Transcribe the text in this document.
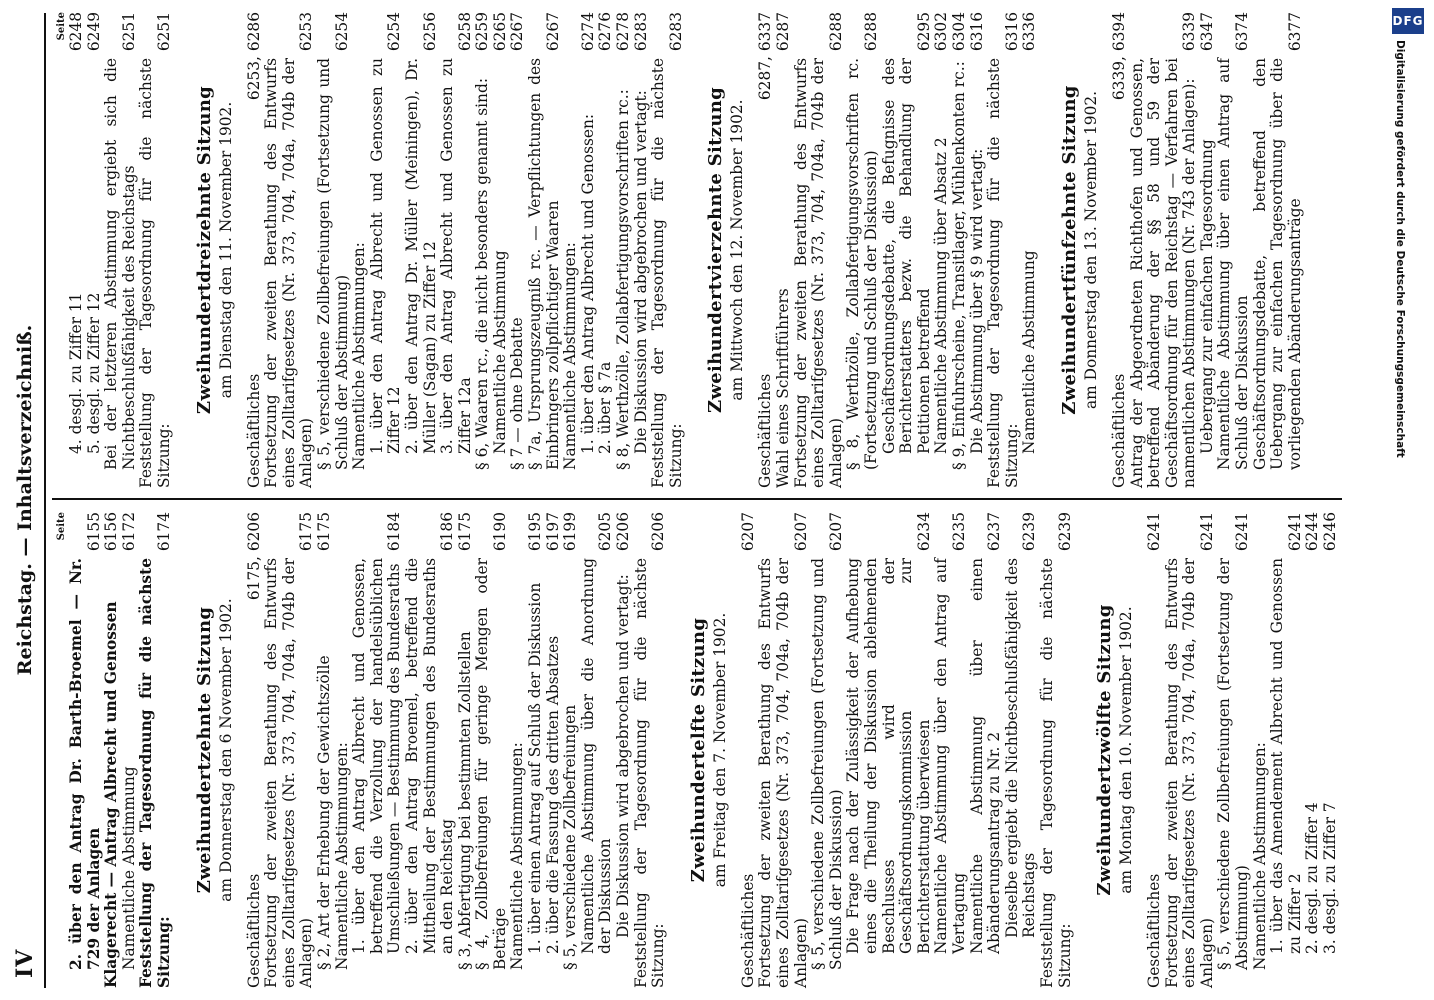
IV
Reichstag. — Inhaltsverzeichniß. Seite
2. über den Antrag Dr. Barth-Broemel — Nr. 729 der Anlagen
6155
Klagerecht — Antrag Albrecht und Genossen
6156
Namentliche Abstimmung
6172
Feststellung der Tagesordnung für die nächste Sitzung:
6174
Zweihundertzehnte Sitzung am Donnerstag den 6 November 1902.
Geschäftliches
6175, 6206
Fortsetzung der zweiten Berathung des Entwurfs eines Zolltarifgesetzes (Nr. 373, 704, 704a, 704b der Anlagen)
6175
§ 2, Art der Erhebung der Gewichtszölle
6175
Namentliche Abstimmungen: 1. über den Antrag Albrecht und Genossen, betreffend die Verzollung der handelsüblichen Umschließungen — Bestimmung des Bundesraths
6184
2. über den Antrag Broemel, betreffend die Mittheilung der Bestimmungen des Bundesraths an den Reichstag
6186
§ 3, Abfertigung bei bestimmten Zollstellen
6175
§ 4, Zollbefreiungen für geringe Mengen oder Beträge
6190
Namentliche Abstimmungen: 1. über einen Antrag auf Schluß der Diskussion
6195
2. über die Fassung des dritten Absatzes
6197
§ 5, verschiedene Zollbefreiungen
6199
Namentliche Abstimmung über die Anordnung der Diskussion
6205
Die Diskussion wird abgebrochen und vertagt:
6206
Feststellung der Tagesordnung für die nächste Sitzung:
6206
Zweihundertelfte Sitzung am Freitag den 7. November 1902.
Geschäftliches
6207
Fortsetzung der zweiten Berathung des Entwurfs eines Zolltarifgesetzes (Nr. 373, 704, 704a, 704b der Anlagen)
6207
§ 5, verschiedene Zollbefreiungen (Fortsetzung und Schluß der Diskussion)
6207
Die Frage nach der Zulässigkeit der Aufhebung eines die Theilung der Diskussion ablehnenden Beschlusses wird der Geschäftsordnungskommission zur Berichterstattung überwiesen
6234
Namentliche Abstimmung über den Antrag auf Vertagung
6235
Namentliche Abstimmung über einen Abänderungsantrag zu Nr. 2
6237
Dieselbe ergiebt die Nichtbeschlußfähigkeit des Reichstags
6239
Feststellung der Tagesordnung für die nächste Sitzung:
6239
Zweihundertzwölfte Sitzung am Montag den 10. November 1902.
Geschäftliches
6241
Fortsetzung der zweiten Berathung des Entwurfs eines Zolltarifgesetzes (Nr. 373, 704, 704a, 704b der Anlagen)
6241
§ 5, verschiedene Zollbefreiungen (Fortsetzung der Abstimmung)
6241
Namentliche Abstimmungen: 1. über das Amendement Albrecht und Genossen zu Ziffer 2
6241
2. desgl. zu Ziffer 4
6244
3. desgl. zu Ziffer 7
6246
Seite
4. desgl. zu Ziffer 11
6248
5. desgl. zu Ziffer 12
6249
Bei der letzteren Abstimmung ergiebt sich die Nichtbeschlußfähigkeit des Reichstags
6251
Feststellung der Tagesordnung für die nächste Sitzung:
6251
Zweihundertdreizehnte Sitzung am Dienstag den 11. November 1902.
Geschäftliches
6253, 6286
Fortsetzung der zweiten Berathung des Entwurfs eines Zolltarifgesetzes (Nr. 373, 704, 704a, 704b der Anlagen)
6253
§ 5, verschiedene Zollbefreiungen (Fortsetzung und Schluß der Abstimmung)
6254
Namentliche Abstimmungen: 1. über den Antrag Albrecht und Genossen zu Ziffer 12
6254
2. über den Antrag Dr. Müller (Meiningen), Dr. Müller (Sagan) zu Ziffer 12
6256
3. über den Antrag Albrecht und Genossen zu Ziffer 12a
6258
§ 6, Waaren rc., die nicht besonders genannt sind:
6259
Namentliche Abstimmung
6265
§ 7 — ohne Debatte
6267
§ 7a, Ursprungszeugniß rc. — Verpflichtungen des Einbringers zollpflichtiger Waaren
6267
Namentliche Abstimmungen: 1. über den Antrag Albrecht und Genossen:
6274
2. über § 7a
6276
§ 8, Werthzölle, Zollabfertigungsvorschriften rc.:
6278
Die Diskussion wird abgebrochen und vertagt:
6283
Feststellung der Tagesordnung für die nächste Sitzung:
6283
Zweihundertvierzehnte Sitzung am Mittwoch den 12. November 1902.
Geschäftliches
6287, 6337
Wahl eines Schriftführers
6287
Fortsetzung der zweiten Berathung des Entwurfs eines Zolltarifgesetzes (Nr. 373, 704, 704a, 704b der Anlagen)
6288
§ 8, Werthzölle, Zollabfertigungsvorschriften rc. (Fortsetzung und Schluß der Diskussion)
6288
Geschäftsordnungsdebatte, die Befugnisse des Berichterstatters bezw. die Behandlung der Petitionen betreffend
6295
Namentliche Abstimmung über Absatz 2
6302
§ 9, Einfuhrscheine, Transitlager, Mühlenkonten rc.:
6304
Die Abstimmung über § 9 wird vertagt:
6316
Feststellung der Tagesordnung für die nächste Sitzung:
6316
Namentliche Abstimmung
6336
Zweihundertfünfzehnte Sitzung am Donnerstag den 13. November 1902.
Geschäftliches
6339, 6394
Antrag der Abgeordneten Richthofen und Genossen, betreffend Abänderung der §§ 58 und 59 der Geschäftsordnung für den Reichstag — Verfahren bei namentlichen Abstimmungen (Nr. 743 der Anlagen):
6339
Uebergang zur einfachen Tagesordnung
6347
Namentliche Abstimmung über einen Antrag auf Schluß der Diskussion
6374
Geschäftsordnungsdebatte, betreffend den Uebergang zur einfachen Tagesordnung über die vorliegenden Abänderungsanträge
6377	DFG
Digitalisierung gefördert durch die Deutsche Forschungsgemeinschaft
